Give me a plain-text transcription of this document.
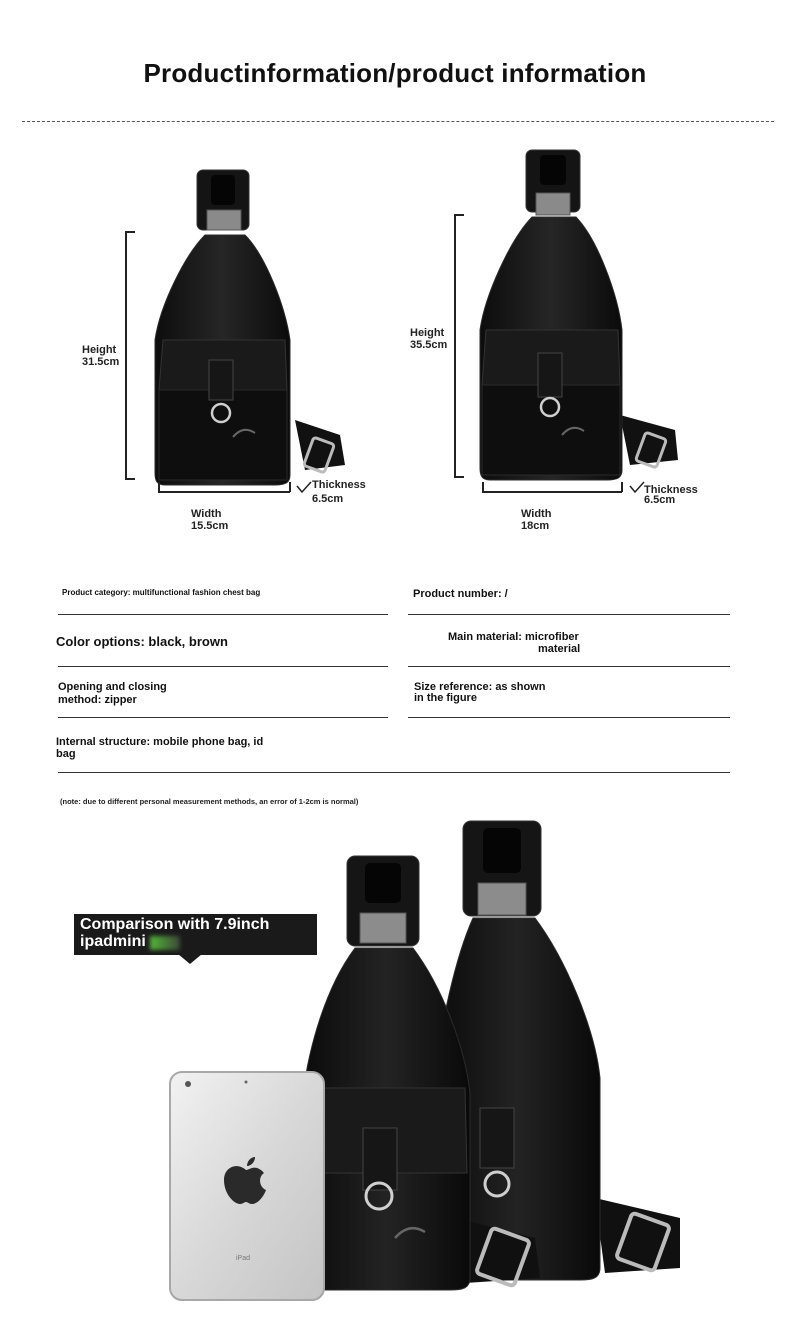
Productinformation/product information
Height 31.5cm
Width 15.5cm
Thickness
6.5cm
Height 35.5cm
Width 18cm
Thickness
6.5cm
Product category: multifunctional fashion chest bag	Product number: /
Color options: black, brown	Main material: microfiber
material
Opening and closing
method: zipper
Size reference: as shown
in the figure
Internal structure: mobile phone bag, id
bag
(note: due to different personal measurement methods, an error of 1-2cm is normal)
iPad
Comparison with 7.9inch
ipadmini
